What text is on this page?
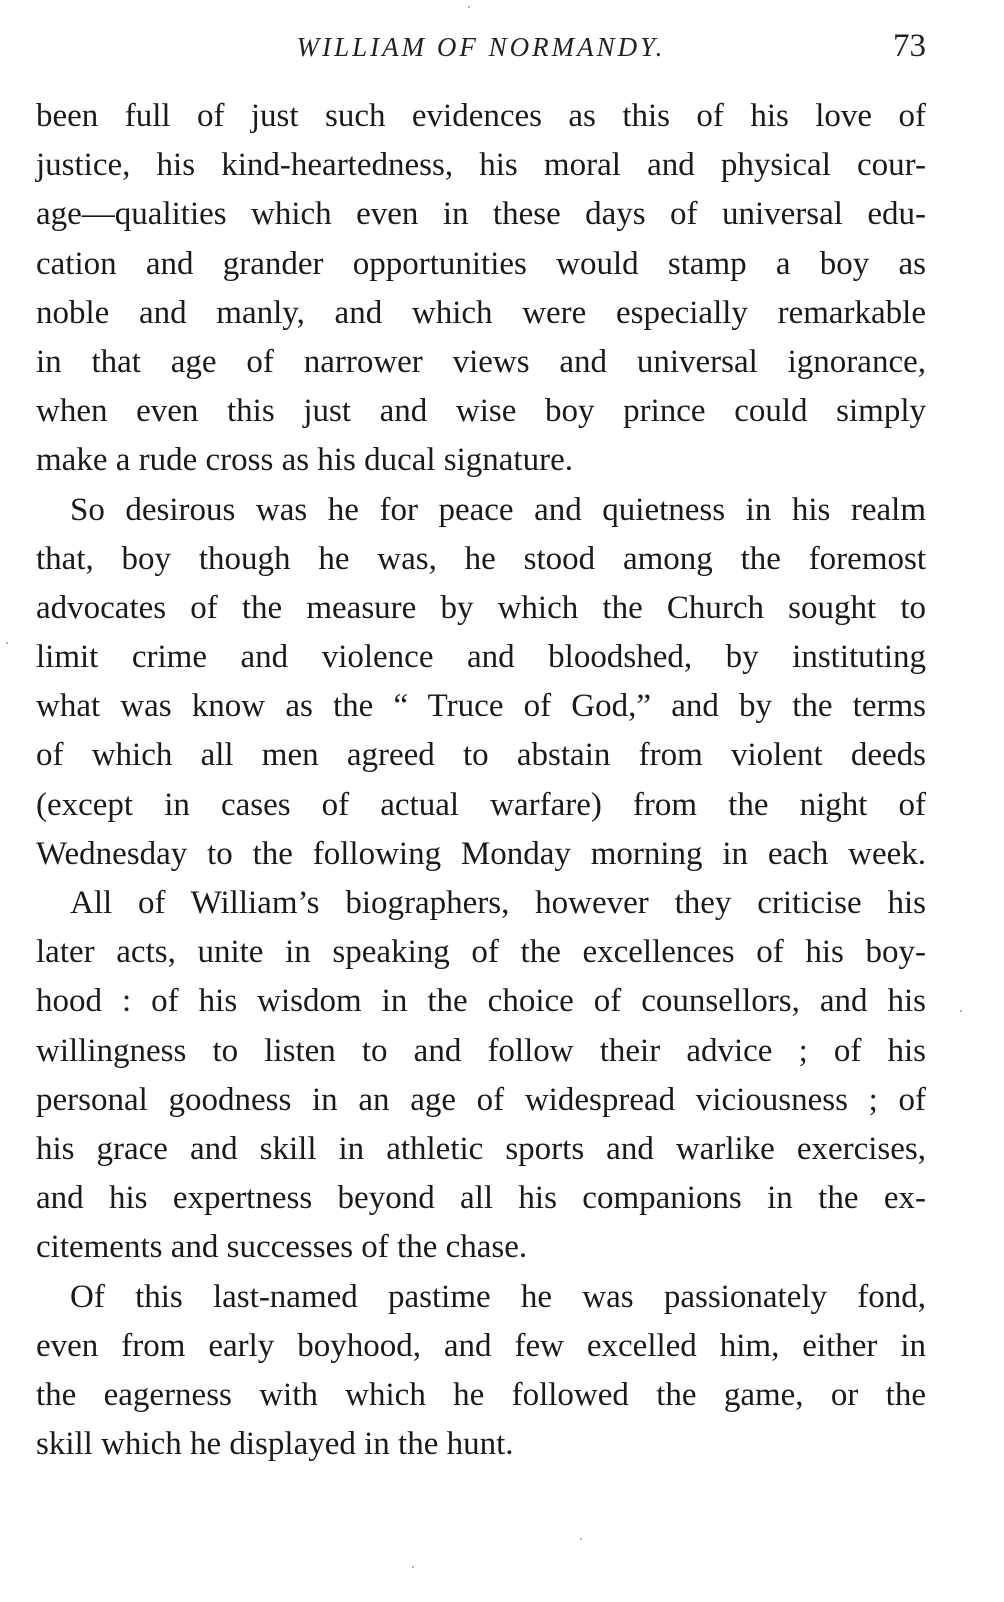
WILLIAM OF NORMANDY.	73

been full of just such evidences as this of his love of
justice, his kind-heartedness, his moral and physical cour-
age—qualities which even in these days of universal edu-
cation and grander opportunities would stamp a boy as
noble and manly, and which were especially remarkable
in that age of narrower views and universal ignorance,
when even this just and wise boy prince could simply
make a rude cross as his ducal signature.

So desirous was he for peace and quietness in his realm
that, boy though he was, he stood among the foremost
advocates of the measure by which the Church sought to
limit crime and violence and bloodshed, by instituting
what was know as the “ Truce of God,” and by the terms
of which all men agreed to abstain from violent deeds
(except in cases of actual warfare) from the night of
Wednesday to the following Monday morning in each week.

All of William’s biographers, however they criticise his
later acts, unite in speaking of the excellences of his boy-
hood : of his wisdom in the choice of counsellors, and his
willingness to listen to and follow their advice ; of his
personal goodness in an age of widespread viciousness ; of
his grace and skill in athletic sports and warlike exercises,
and his expertness beyond all his companions in the ex-
citements and successes of the chase.

Of this last-named pastime he was passionately fond,
even from early boyhood, and few excelled him, either in
the eagerness with which he followed the game, or the
skill which he displayed in the hunt.
